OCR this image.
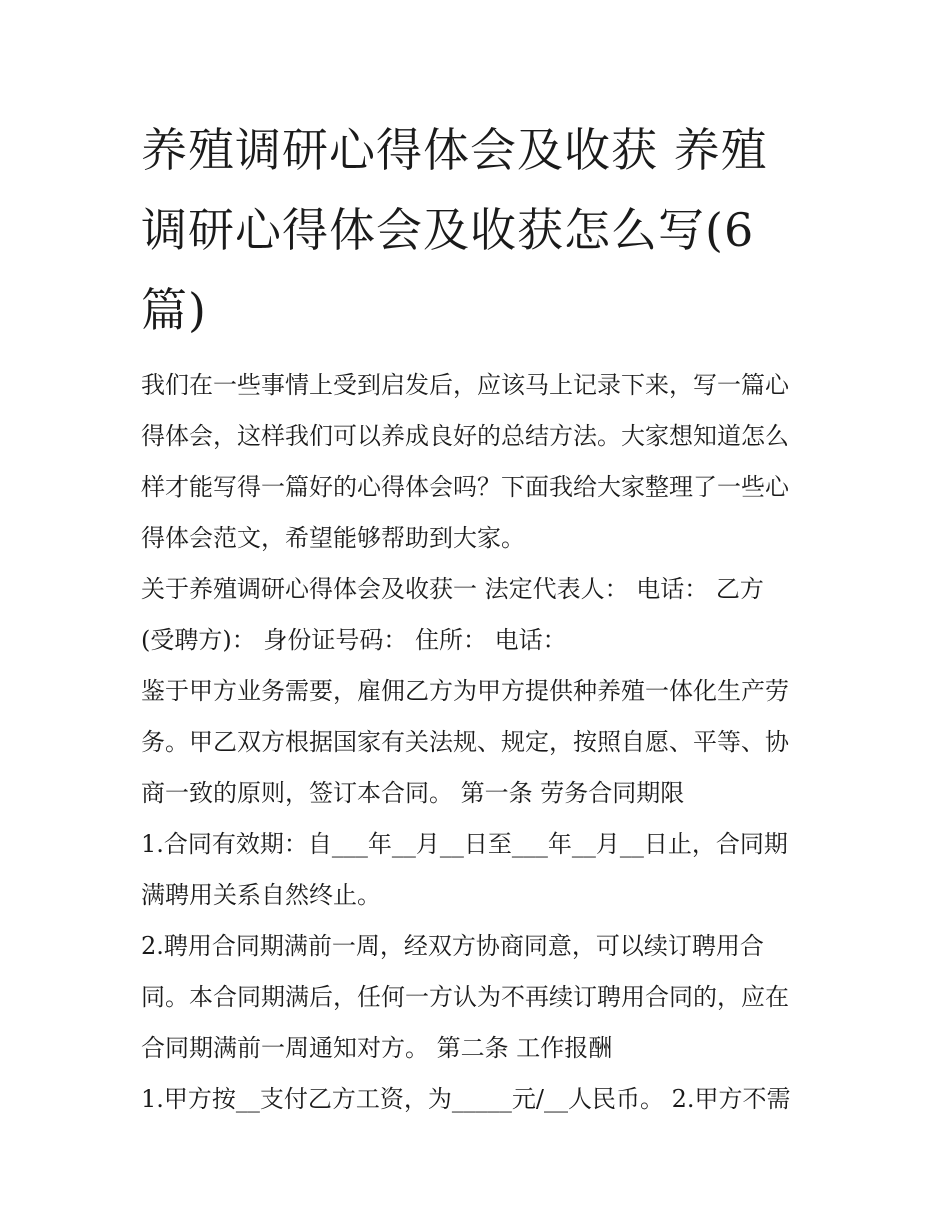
养殖调研心得体会及收获 养殖
调研心得体会及收获怎么写(6
篇)

我们在一些事情上受到启发后，应该马上记录下来，写一篇心

得体会，这样我们可以养成良好的总结方法。大家想知道怎么

样才能写得一篇好的心得体会吗？下面我给大家整理了一些心

得体会范文，希望能够帮助到大家。

关于养殖调研心得体会及收获一 法定代表人： 电话： 乙方

(受聘方)： 身份证号码： 住所： 电话：

鉴于甲方业务需要，雇佣乙方为甲方提供种养殖一体化生产劳

务。甲乙双方根据国家有关法规、规定，按照自愿、平等、协

商一致的原则，签订本合同。 第一条 劳务合同期限

1.合同有效期：自___年__月__日至___年__月__日止，合同期

满聘用关系自然终止。

2.聘用合同期满前一周，经双方协商同意，可以续订聘用合

同。本合同期满后，任何一方认为不再续订聘用合同的，应在

合同期满前一周通知对方。 第二条 工作报酬

1.甲方按__支付乙方工资，为_____元/__人民币。 2.甲方不需
